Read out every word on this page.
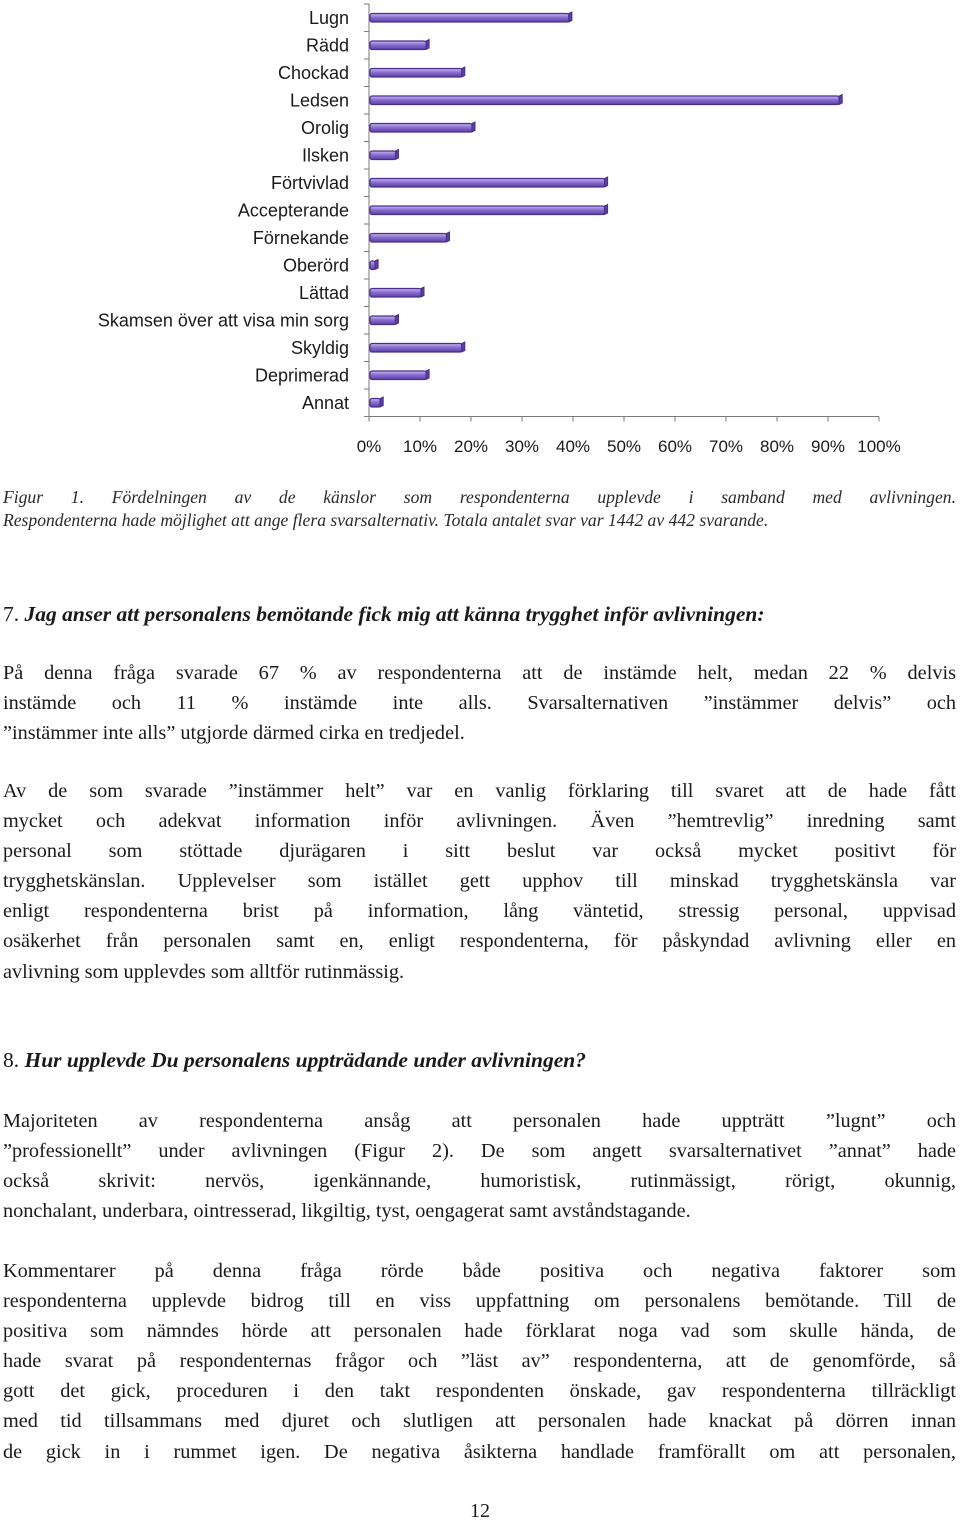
Lugn
Rädd
Chockad
Ledsen
Orolig
Ilsken
Förtvivlad
Accepterande
Förnekande
Oberörd
Lättad
Skamsen över att visa min sorg
Skyldig
Deprimerad
Annat
0% 10% 20% 30% 40% 50% 60% 70% 80% 90% 100%
Figur 1. Fördelningen av de känslor som respondenterna upplevde i samband med avlivningen.
Respondenterna hade möjlighet att ange flera svarsalternativ. Totala antalet svar var 1442 av 442 svarande.
7. Jag anser att personalens bemötande fick mig att känna trygghet inför avlivningen:
På denna fråga svarade 67 % av respondenterna att de instämde helt, medan 22 % delvis
instämde och 11 % instämde inte alls. Svarsalternativen ”instämmer delvis” och
”instämmer inte alls” utgjorde därmed cirka en tredjedel.
Av de som svarade ”instämmer helt” var en vanlig förklaring till svaret att de hade fått
mycket och adekvat information inför avlivningen. Även ”hemtrevlig” inredning samt
personal som stöttade djurägaren i sitt beslut var också mycket positivt för
trygghetskänslan. Upplevelser som istället gett upphov till minskad trygghetskänsla var
enligt respondenterna brist på information, lång väntetid, stressig personal, uppvisad
osäkerhet från personalen samt en, enligt respondenterna, för påskyndad avlivning eller en
avlivning som upplevdes som alltför rutinmässig.
8. Hur upplevde Du personalens uppträdande under avlivningen?
Majoriteten av respondenterna ansåg att personalen hade uppträtt ”lugnt” och
”professionellt” under avlivningen (Figur 2). De som angett svarsalternativet ”annat” hade
också skrivit: nervös, igenkännande, humoristisk, rutinmässigt, rörigt, okunnig,
nonchalant, underbara, ointresserad, likgiltig, tyst, oengagerat samt avståndstagande.
Kommentarer på denna fråga rörde både positiva och negativa faktorer som
respondenterna upplevde bidrog till en viss uppfattning om personalens bemötande. Till de
positiva som nämndes hörde att personalen hade förklarat noga vad som skulle hända, de
hade svarat på respondenternas frågor och ”läst av” respondenterna, att de genomförde, så
gott det gick, proceduren i den takt respondenten önskade, gav respondenterna tillräckligt
med tid tillsammans med djuret och slutligen att personalen hade knackat på dörren innan
de gick in i rummet igen. De negativa åsikterna handlade framförallt om att personalen,
12
